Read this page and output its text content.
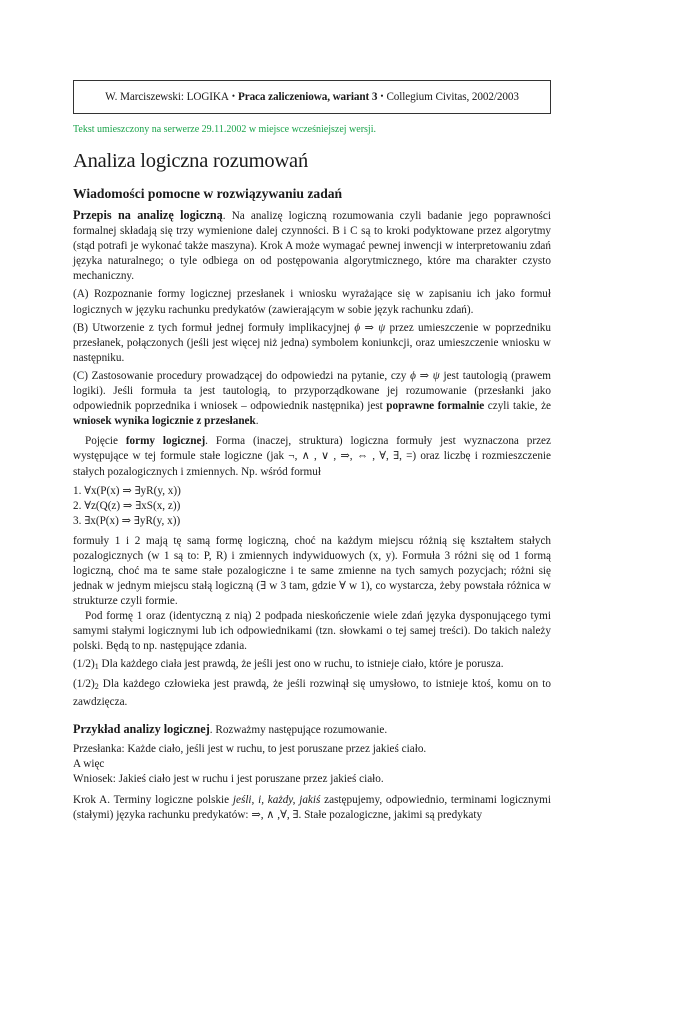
W. Marciszewski: LOGIKA • Praca zaliczeniowa, wariant 3 • Collegium Civitas, 2002/2003
Tekst umieszczony na serwerze 29.11.2002 w miejsce wcześniejszej wersji.
Analiza logiczna rozumowań
Wiadomości pomocne w rozwiązywaniu zadań

Przepis na analizę logiczną. Na analizę logiczną rozumowania czyli badanie jego poprawności formalnej składają się trzy wymienione dalej czynności. B i C są to kroki podyktowane przez algorytmy (stąd potrafi je wykonać także maszyna). Krok A może wymagać pewnej inwencji w interpretowaniu zdań języka naturalnego; o tyle odbiega on od postępowania algorytmicznego, które ma charakter czysto mechaniczny.

(A) Rozpoznanie formy logicznej przesłanek i wniosku wyrażające się w zapisaniu ich jako formuł logicznych w języku rachunku predykatów (zawierającym w sobie język rachunku zdań).

(B) Utworzenie z tych formuł jednej formuły implikacyjnej ϕ ⇒ ψ przez umieszczenie w poprzedniku przesłanek, połączonych (jeśli jest więcej niż jedna) symbolem koniunkcji, oraz umieszczenie wniosku w następniku.

(C) Zastosowanie procedury prowadzącej do odpowiedzi na pytanie, czy ϕ ⇒ ψ jest tautologią (prawem logiki). Jeśli formuła ta jest tautologią, to przyporządkowane jej rozumowanie (przesłanki jako odpowiednik poprzednika i wniosek – odpowiednik następnika) jest poprawne formalnie czyli takie, że wniosek wynika logicznie z przesłanek.

Pojęcie formy logicznej. Forma (inaczej, struktura) logiczna formuły jest wyznaczona przez występujące w tej formule stałe logiczne (jak ¬, ∧ , ∨ , ⇒, ⇔ , ∀, ∃, =) oraz liczbę i rozmieszczenie stałych pozalogicznych i zmiennych. Np. wśród formuł

1. ∀x(P(x) ⇒ ∃yR(y, x))
2. ∀z(Q(z) ⇒ ∃xS(x, z))
3. ∃x(P(x) ⇒ ∃yR(y, x))

formuły 1 i 2 mają tę samą formę logiczną, choć na każdym miejscu różnią się kształtem stałych pozalogicznych (w 1 są to: P, R) i zmiennych indywiduowych (x, y). Formuła 3 różni się od 1 formą logiczną, choć ma te same stałe pozalogiczne i te same zmienne na tych samych pozycjach; różni się jednak w jednym miejscu stałą logiczną (∃ w 3 tam, gdzie ∀ w 1), co wystarcza, żeby powstała różnica w strukturze czyli formie.

Pod formę 1 oraz (identyczną z nią) 2 podpada nieskończenie wiele zdań języka dysponującego tymi samymi stałymi logicznymi lub ich odpowiednikami (tzn. słowkami o tej samej treści). Do takich należy polski. Będą to np. następujące zdania.

$(1/2)_1$ Dla każdego ciała jest prawdą, że jeśli jest ono w ruchu, to istnieje ciało, które je porusza.

$(1/2)_2$ Dla każdego człowieka jest prawdą, że jeśli rozwinął się umysłowo, to istnieje ktoś, komu on to zawdzięcza.

Przykład analizy logicznej. Rozważmy następujące rozumowanie.

Przesłanka: Każde ciało, jeśli jest w ruchu, to jest poruszane przez jakieś ciało.
A więc
Wniosek: Jakieś ciało jest w ruchu i jest poruszane przez jakieś ciało.

Krok A. Terminy logiczne polskie jeśli, i, każdy, jakiś zastępujemy, odpowiednio, terminami logicznymi (stałymi) języka rachunku predykatów: ⇒, ∧ ,∀, ∃. Stałe pozalogiczne, jakimi są predykaty
